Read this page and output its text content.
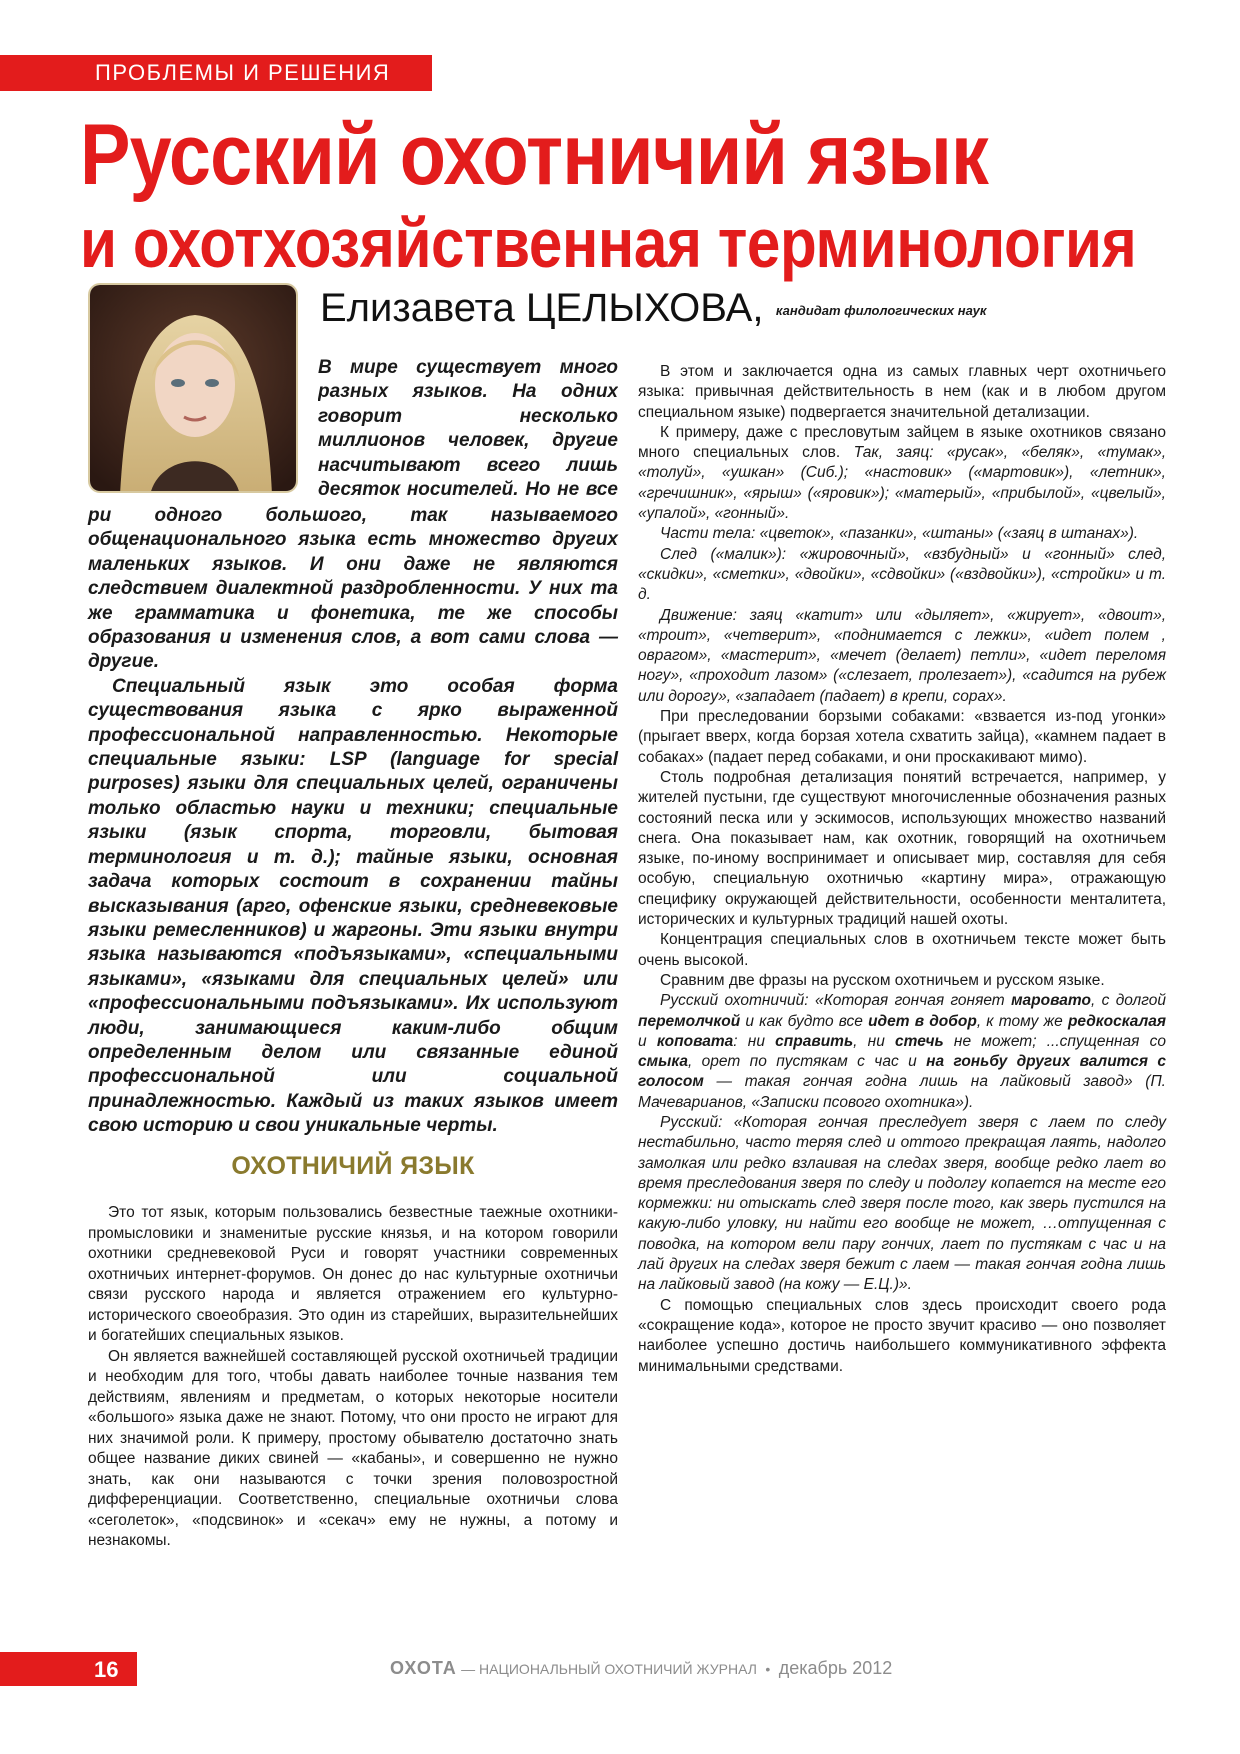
ПРОБЛЕМЫ И РЕШЕНИЯ
Русский охотничий язык
и охотхозяйственная терминология
Елизавета ЦЕЛЫХОВА, $^{кандидат филологических наук}$

В мире существует много разных языков. На одних говорит несколько миллионов человек, другие насчитывают всего лишь десяток носителей. Но не все

ри одного большого, так называемого общенационального языка есть множество других маленьких языков. И они даже не являются следствием диалектной раздробленности. У них та же грамматика и фонетика, те же способы образования и изменения слов, а вот сами слова — другие.

Специальный язык это особая форма существования языка с ярко выраженной профессиональной направленностью. Некоторые специальные языки: LSP (language for special purposes) языки для специальных целей, ограничены только областью науки и техники; специальные языки (язык спорта, торговли, бытовая терминология и т. д.); тайные языки, основная задача которых состоит в сохранении тайны высказывания (арго, офенские языки, средневековые языки ремесленников) и жаргоны. Эти языки внутри языка называются «подъязыками», «специальными языками», «языками для специальных целей» или «профессиональными подъязыками». Их используют люди, занимающиеся каким-либо общим определенным делом или связанные единой профессиональной или социальной принадлежностью. Каждый из таких языков имеет свою историю и свои уникальные черты.

ОХОТНИЧИЙ ЯЗЫК

Это тот язык, которым пользовались безвестные таежные охотники-промысловики и знаменитые русские князья, и на котором говорили охотники средневековой Руси и говорят участники современных охотничьих интернет-форумов. Он донес до нас культурные охотничьи связи русского народа и является отражением его культурно-исторического своеобразия. Это один из старейших, выразительнейших и богатейших специальных языков.

Он является важнейшей составляющей русской охотничьей традиции и необходим для того, чтобы давать наиболее точные названия тем действиям, явлениям и предметам, о которых некоторые носители «большого» языка даже не знают. Потому, что они просто не играют для них значимой роли. К примеру, простому обывателю достаточно знать общее название диких свиней — «кабаны», и совершенно не нужно знать, как они называются с точки зрения половозростной дифференциации. Соответственно, специальные охотничьи слова «сеголеток», «подсвинок» и «секач» ему не нужны, а потому и незнакомы.

В этом и заключается одна из самых главных черт охотничьего языка: привычная действительность в нем (как и в любом другом специальном языке) подвергается значительной детализации.

К примеру, даже с пресловутым зайцем в языке охотников связано много специальных слов. Так, заяц: «русак», «беляк», «тумак», «толуй», «ушкан» (Сиб.); «настовик» («мартовик»), «летник», «гречишник», «ярыш» («яровик»); «матерый», «прибылой», «цвелый», «упалой», «гонный».

Части тела: «цветок», «пазанки», «штаны» («заяц в штанах»).

След («малик»): «жировочный», «взбудный» и «гонный» след, «скидки», «сметки», «двойки», «сдвойки» («вздвойки»), «стройки» и т. д.

Движение: заяц «катит» или «дыляет», «жирует», «двоит», «троит», «четверит», «поднимается с лежки», «идет полем , оврагом», «мастерит», «мечет (делает) петли», «идет переломя ногу», «проходит лазом» («слезает, пролезает»), «садится на рубеж или дорогу», «западает (падает) в крепи, сорах».

При преследовании борзыми собаками: «взвается из-под угонки» (прыгает вверх, когда борзая хотела схватить зайца), «камнем падает в собаках» (падает перед собаками, и они проскакивают мимо).

Столь подробная детализация понятий встречается, например, у жителей пустыни, где существуют многочисленные обозначения разных состояний песка или у эскимосов, использующих множество названий снега. Она показывает нам, как охотник, говорящий на охотничьем языке, по-иному воспринимает и описывает мир, составляя для себя особую, специальную охотничью «картину мира», отражающую специфику окружающей действительности, особенности менталитета, исторических и культурных традиций нашей охоты.

Концентрация специальных слов в охотничьем тексте может быть очень высокой.

Сравним две фразы на русском охотничьем и русском языке.

Русский охотничий: «Которая гончая гоняет маровато, с долгой перемолчкой и как будто все идет в добор, к тому же редкоскалая и коповата: ни справить, ни стечь не может; ...спущенная со смыка, орет по пустякам с час и на гоньбу других валится с голосом — такая гончая годна лишь на лайковый завод» (П. Мачеварианов, «Записки псового охотника»).

Русский: «Которая гончая преследует зверя с лаем по следу нестабильно, часто теряя след и оттого прекращая лаять, надолго замолкая или редко взлаивая на следах зверя, вообще редко лает во время преследования зверя по следу и подолгу копается на месте его кормежки: ни отыскать след зверя после того, как зверь пустился на какую-либо уловку, ни найти его вообще не может, …отпущенная с поводка, на котором вели пару гончих, лает по пустякам с час и на лай других на следах зверя бежит с лаем — такая гончая годна лишь на лайковый завод (на кожу — Е.Ц.)».

С помощью специальных слов здесь происходит своего рода «сокращение кода», которое не просто звучит красиво — оно позволяет наиболее успешно достичь наибольшего коммуникативного эффекта минимальными средствами.

16	ОХОТА — НАЦИОНАЛЬНЫЙ ОХОТНИЧИЙ ЖУРНАЛ • декабрь 2012
